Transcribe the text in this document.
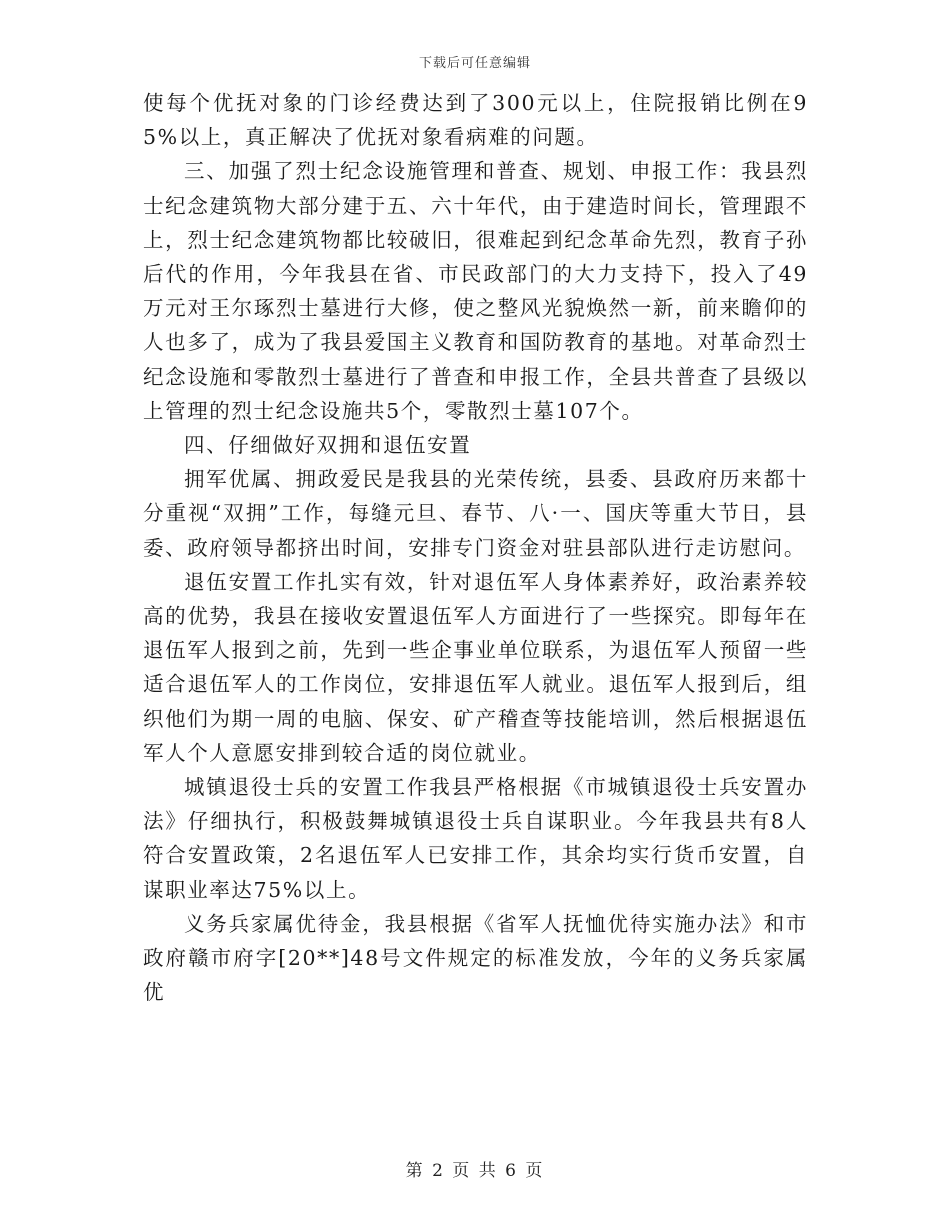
下载后可任意编辑

使每个优抚对象的门诊经费达到了300元以上，住院报销比例在95%以上，真正解决了优抚对象看病难的问题。

三、加强了烈士纪念设施管理和普查、规划、申报工作：我县烈士纪念建筑物大部分建于五、六十年代，由于建造时间长，管理跟不上，烈士纪念建筑物都比较破旧，很难起到纪念革命先烈，教育子孙后代的作用，今年我县在省、市民政部门的大力支持下，投入了49万元对王尔琢烈士墓进行大修，使之整风光貌焕然一新，前来瞻仰的人也多了，成为了我县爱国主义教育和国防教育的基地。对革命烈士纪念设施和零散烈士墓进行了普查和申报工作，全县共普查了县级以上管理的烈士纪念设施共5个，零散烈士墓107个。

四、仔细做好双拥和退伍安置

拥军优属、拥政爱民是我县的光荣传统，县委、县政府历来都十分重视“双拥”工作，每缝元旦、春节、八·一、国庆等重大节日，县委、政府领导都挤出时间，安排专门资金对驻县部队进行走访慰问。

退伍安置工作扎实有效，针对退伍军人身体素养好，政治素养较高的优势，我县在接收安置退伍军人方面进行了一些探究。即每年在退伍军人报到之前，先到一些企事业单位联系，为退伍军人预留一些适合退伍军人的工作岗位，安排退伍军人就业。退伍军人报到后，组织他们为期一周的电脑、保安、矿产稽查等技能培训，然后根据退伍军人个人意愿安排到较合适的岗位就业。

城镇退役士兵的安置工作我县严格根据《市城镇退役士兵安置办法》仔细执行，积极鼓舞城镇退役士兵自谋职业。今年我县共有8人符合安置政策，2名退伍军人已安排工作，其余均实行货币安置，自谋职业率达75%以上。

义务兵家属优待金，我县根据《省军人抚恤优待实施办法》和市政府赣市府字[20**]48号文件规定的标准发放，今年的义务兵家属优

第 2 页 共 6 页
